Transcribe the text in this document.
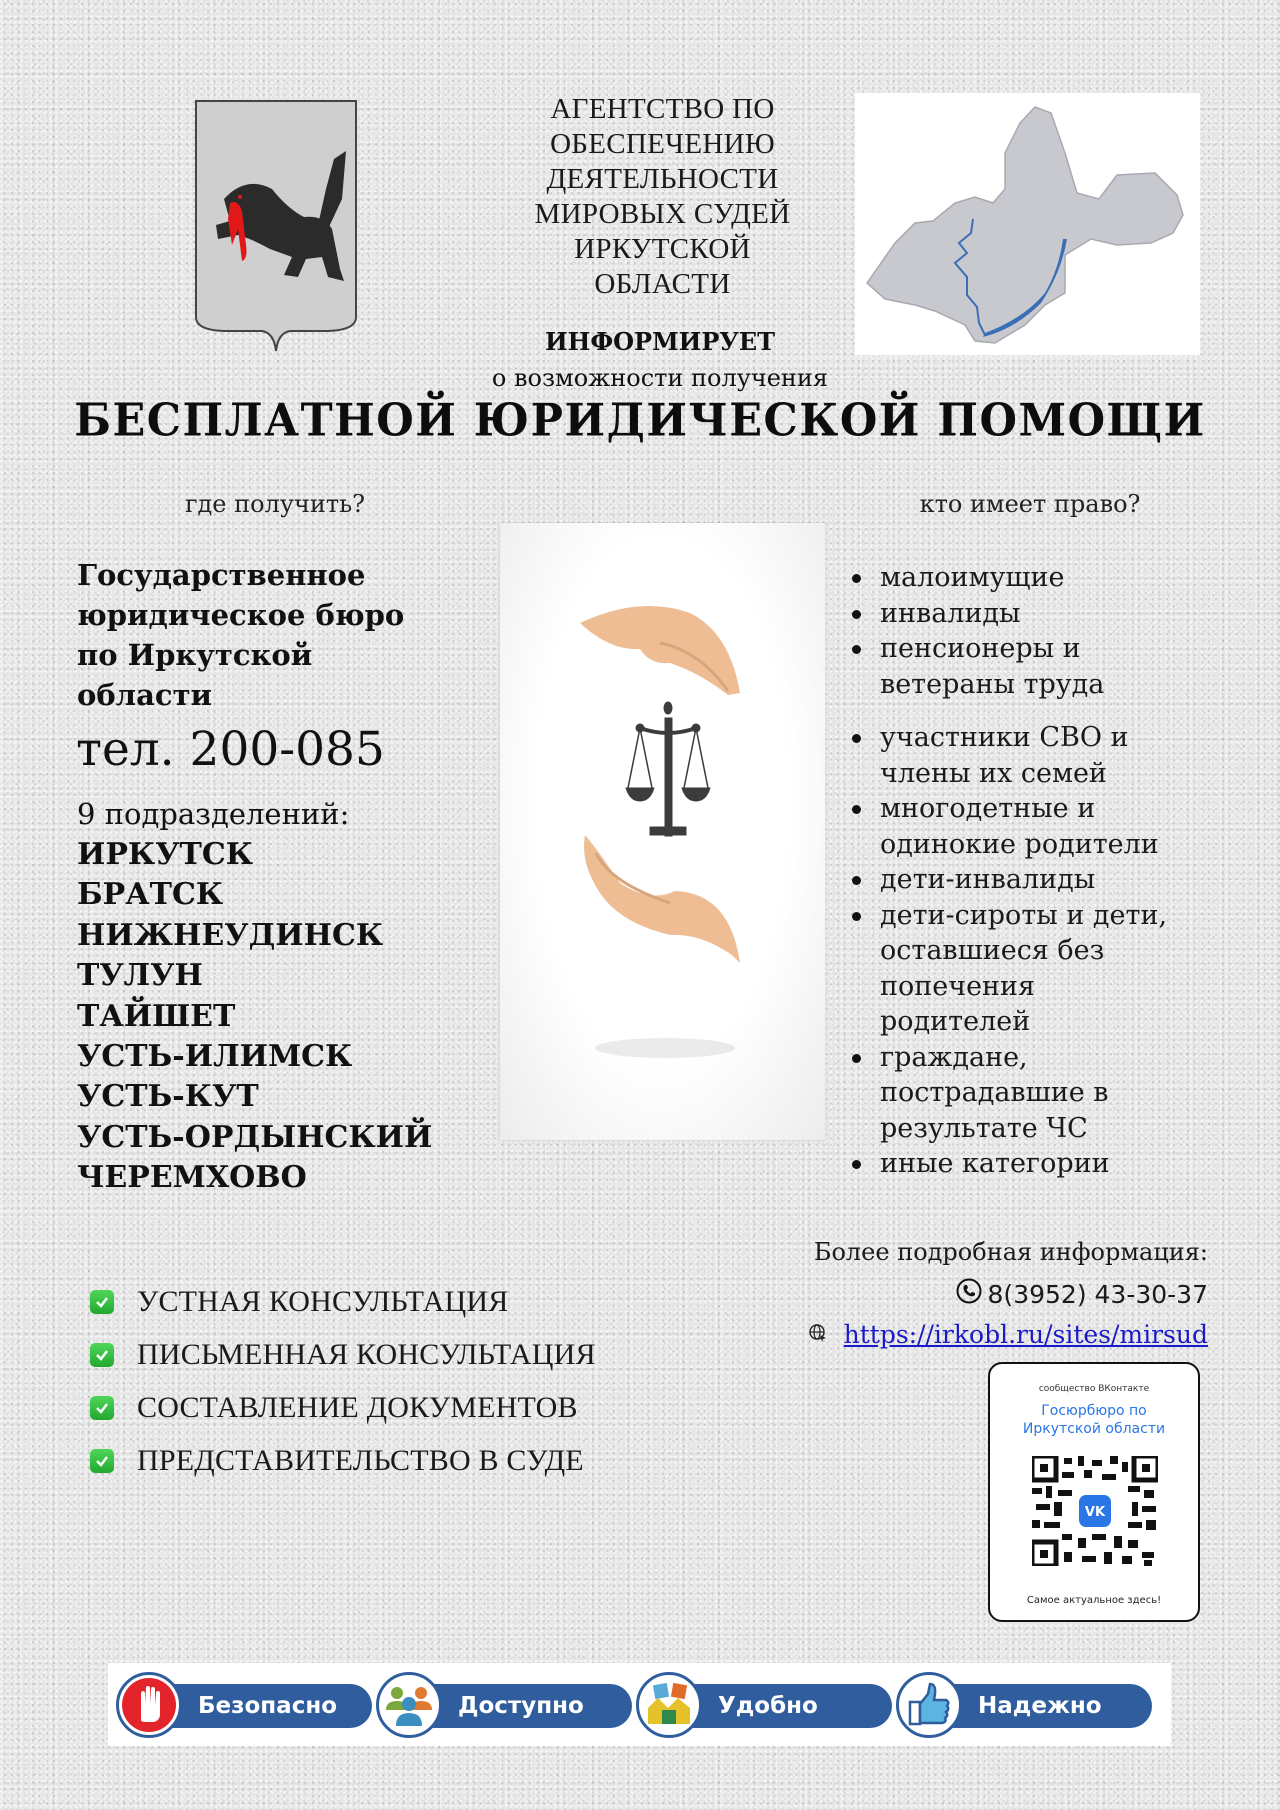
АГЕНТСТВО ПО
ОБЕСПЕЧЕНИЮ
ДЕЯТЕЛЬНОСТИ
МИРОВЫХ СУДЕЙ
ИРКУТСКОЙ
ОБЛАСТИ
ИНФОРМИРУЕТ
о возможности получения
БЕСПЛАТНОЙ ЮРИДИЧЕСКОЙ ПОМОЩИ
где получить?
Государственное
юридическое бюро
по Иркутской
области
тел. 200-085
9 подразделений:
ИРКУТСК
БРАТСК
НИЖНЕУДИНСК
ТУЛУН
ТАЙШЕТ
УСТЬ-ИЛИМСК
УСТЬ-КУТ
УСТЬ-ОРДЫНСКИЙ
ЧЕРЕМХОВО
кто имеет право?
малоимущие
инвалиды
пенсионеры и ветераны труда
участники СВО и члены их семей
многодетные и одинокие родители
дети-инвалиды
дети-сироты и дети, оставшиеся без попечения родителей
граждане, пострадавшие в результате ЧС
иные категории
УСТНАЯ КОНСУЛЬТАЦИЯ
ПИСЬМЕННАЯ КОНСУЛЬТАЦИЯ
СОСТАВЛЕНИЕ ДОКУМЕНТОВ
ПРЕДСТАВИТЕЛЬСТВО В СУДЕ
Более подробная информация:
8(3952) 43-30-37
https://irkobl.ru/sites/mirsud
сообщество ВКонтакте
Госюрбюро по
Иркутской области
VK
Самое актуальное здесь!
Безопасно	Доступно	Удобно	Надежно
